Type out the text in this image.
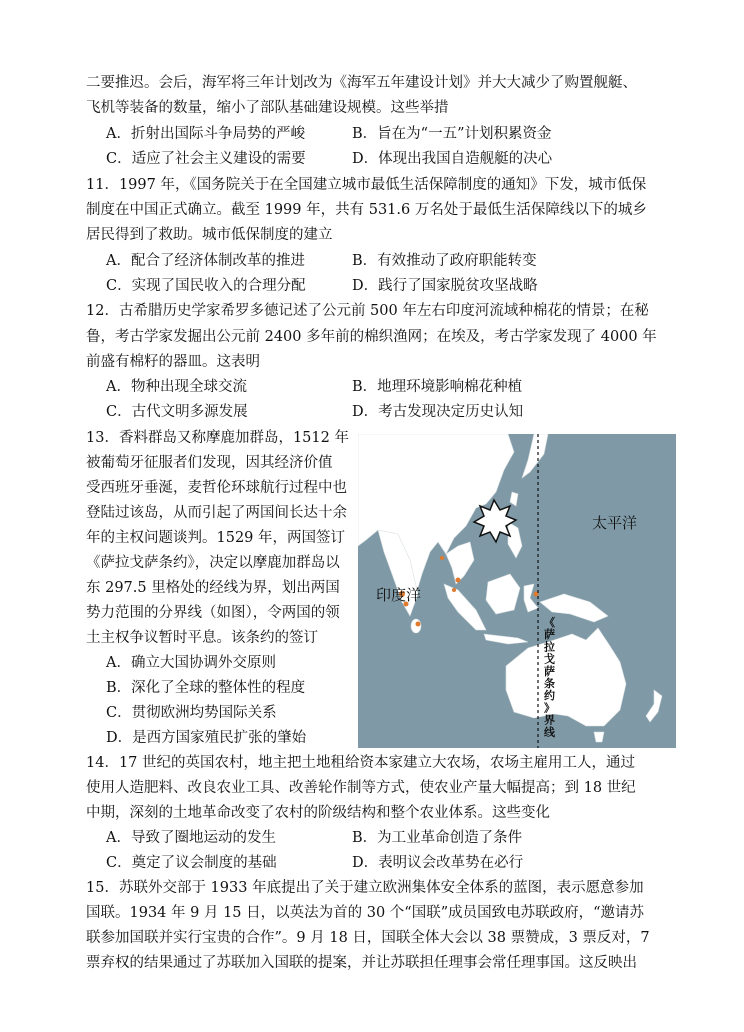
二要推迟。会后，海军将三年计划改为《海军五年建设计划》并大大减少了购置舰艇、
飞机等装备的数量，缩小了部队基础建设规模。这些举措
A．折射出国际斗争局势的严峻	B．旨在为“一五”计划积累资金
C．适应了社会主义建设的需要	D．体现出我国自造舰艇的决心
11．1997 年，《国务院关于在全国建立城市最低生活保障制度的通知》下发，城市低保
制度在中国正式确立。截至 1999 年，共有 531.6 万名处于最低生活保障线以下的城乡
居民得到了救助。城市低保制度的建立
A．配合了经济体制改革的推进	B．有效推动了政府职能转变
C．实现了国民收入的合理分配	D．践行了国家脱贫攻坚战略
12．古希腊历史学家希罗多德记述了公元前 500 年左右印度河流域种棉花的情景；在秘
鲁，考古学家发掘出公元前 2400 多年前的棉织渔网；在埃及，考古学家发现了 4000 年
前盛有棉籽的器皿。这表明
A．物种出现全球交流	B．地理环境影响棉花种植
C．古代文明多源发展	D．考古发现决定历史认知
13．香料群岛又称摩鹿加群岛，1512 年
被葡萄牙征服者们发现，因其经济价值
受西班牙垂涎，麦哲伦环球航行过程中也
登陆过该岛，从而引起了两国间长达十余
年的主权问题谈判。1529 年，两国签订
《萨拉戈萨条约》，决定以摩鹿加群岛以
东 297.5 里格处的经线为界，划出两国
势力范围的分界线（如图），令两国的领
土主权争议暂时平息。该条约的签订
A．确立大国协调外交原则
B．深化了全球的整体性的程度
C．贯彻欧洲均势国际关系
D．是西方国家殖民扩张的肇始
太平洋
印度洋
《
萨
拉
戈
萨
条
约
》
界
线
14．17 世纪的英国农村，地主把土地租给资本家建立大农场，农场主雇用工人，通过
使用人造肥料、改良农业工具、改善轮作制等方式，使农业产量大幅提高；到 18 世纪
中期，深刻的土地革命改变了农村的阶级结构和整个农业体系。这些变化
A．导致了圈地运动的发生	B．为工业革命创造了条件
C．奠定了议会制度的基础	D．表明议会改革势在必行
15．苏联外交部于 1933 年底提出了关于建立欧洲集体安全体系的蓝图，表示愿意参加
国联。1934 年 9 月 15 日，以英法为首的 30 个“国联”成员国致电苏联政府，“邀请苏
联参加国联并实行宝贵的合作”。9 月 18 日，国联全体大会以 38 票赞成，3 票反对，7
票弃权的结果通过了苏联加入国联的提案，并让苏联担任理事会常任理事国。这反映出
